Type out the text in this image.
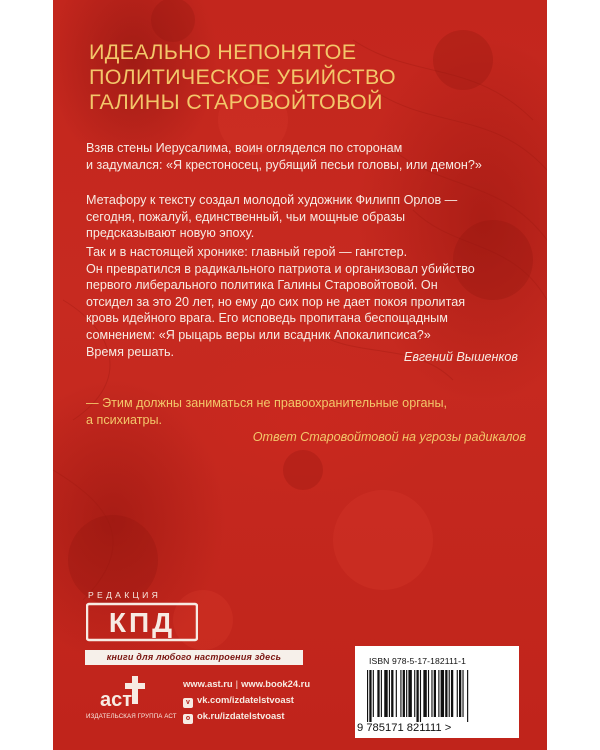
ИДЕАЛЬНО НЕПОНЯТОЕ
ПОЛИТИЧЕСКОЕ УБИЙСТВО
ГАЛИНЫ СТАРОВОЙТОВОЙ
Взяв стены Иерусалима, воин огляделся по сторонам
и задумался: «Я крестоносец, рубящий песьи головы, или демон?»
Метафору к тексту создал молодой художник Филипп Орлов —
сегодня, пожалуй, единственный, чьи мощные образы
предсказывают новую эпоху.
Так и в настоящей хронике: главный герой — гангстер.
Он превратился в радикального патриота и организовал убийство
первого либерального политика Галины Старовойтовой. Он
отсидел за это 20 лет, но ему до сих пор не дает покоя пролитая
кровь идейного врага. Его исповедь пропитана беспощадным
сомнением: «Я рыцарь веры или всадник Апокалипсиса?»
Время решать.	Евгений Вышенков
— Этим должны заниматься не правоохранительные органы,
а психиатры.
Ответ Старовойтовой на угрозы радикалов
РЕДАКЦИЯ
КПД
книги для любого настроения здесь
аст
ИЗДАТЕЛЬСКАЯ ГРУППА АСТ
www.ast.ru | www.book24.ru
v vk.com/izdatelstvoast
o ok.ru/izdatelstvoast
ISBN 978-5-17-182111-1
9 785171 821111 >
